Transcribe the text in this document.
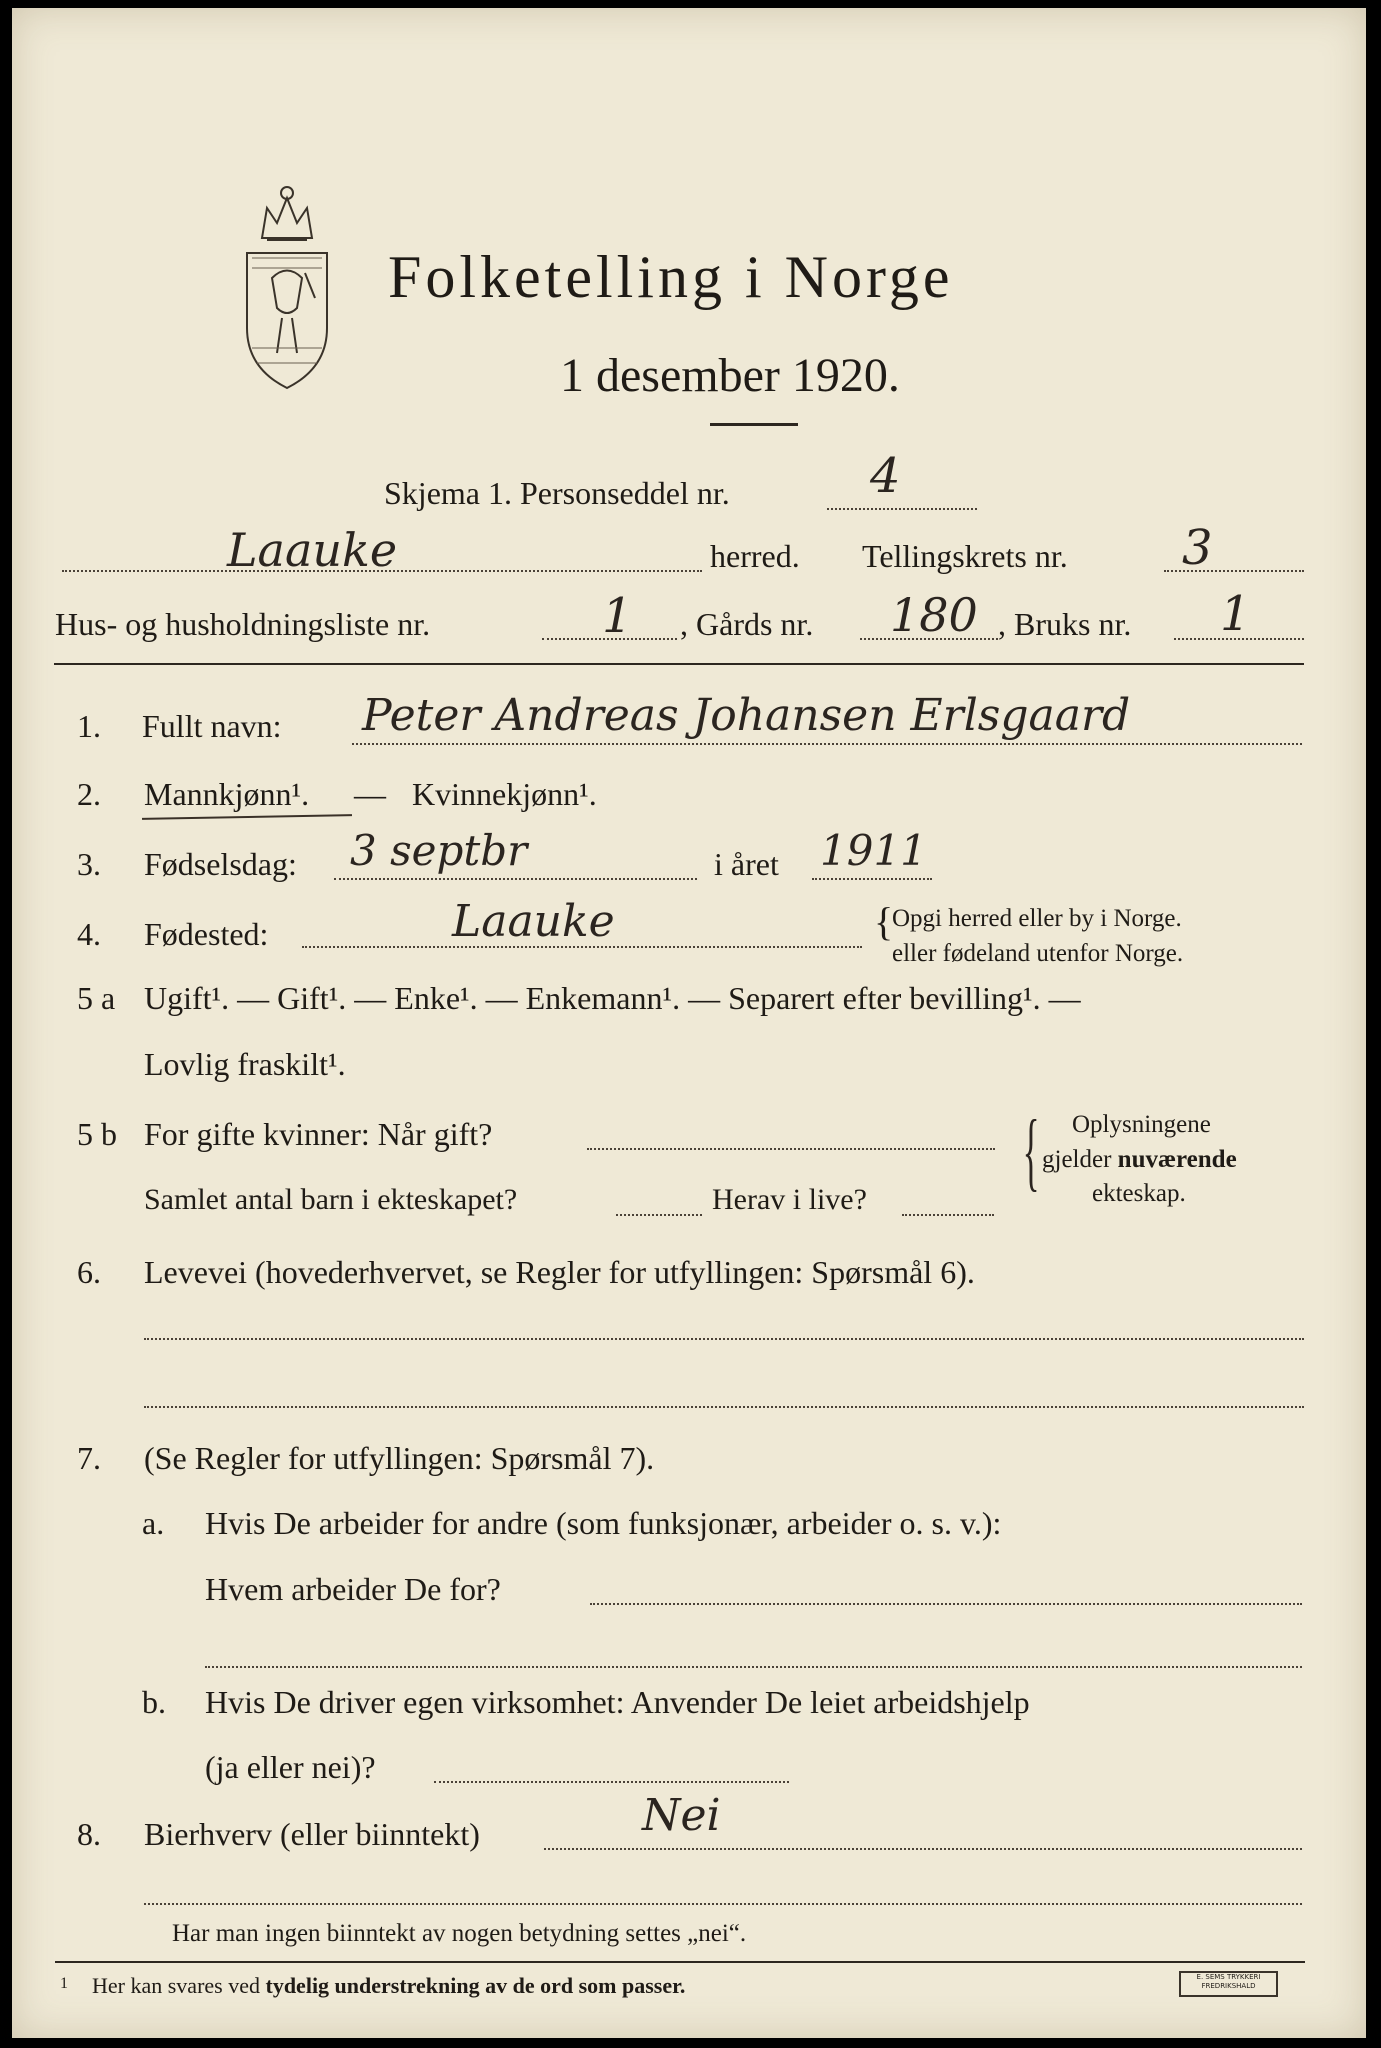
Folketelling i Norge
1 desember 1920.
Skjema 1. Personseddel nr.	4
Laauke	herred. Tellingskrets nr. 3
Hus- og husholdningsliste nr.	1 , Gårds nr. 180 , Bruks nr. 1
1. Fullt navn: Peter Andreas Johansen Erlsgaard
2. Mannkjønn¹. — Kvinnekjønn¹.
3. Fødselsdag: 3 septbr	i året 1911
4. Fødested:	Laauke	{
Opgi herred eller by i Norge.
eller fødeland utenfor Norge.
5 a Ugift¹. — Gift¹. — Enke¹. — Enkemann¹. — Separert efter bevilling¹. —
Lovlig fraskilt¹.
5 b For gifte kvinner: Når gift?
Samlet antal barn i ekteskapet?	Herav i live? { Oplysningene
gjelder nuværende
ekteskap.
6. Levevei (hovederhvervet, se Regler for utfyllingen: Spørsmål 6).
7. (Se Regler for utfyllingen: Spørsmål 7).
a. Hvis De arbeider for andre (som funksjonær, arbeider o. s. v.):
Hvem arbeider De for?
b. Hvis De driver egen virksomhet: Anvender De leiet arbeidshjelp
(ja eller nei)?
8. Bierhverv (eller biinntekt)	Nei
Har man ingen biinntekt av nogen betydning settes „nei“.
1 Her kan svares ved tydelig understrekning av de ord som passer.	E. SEMS TRYKKERI
FREDRIKSHALD
